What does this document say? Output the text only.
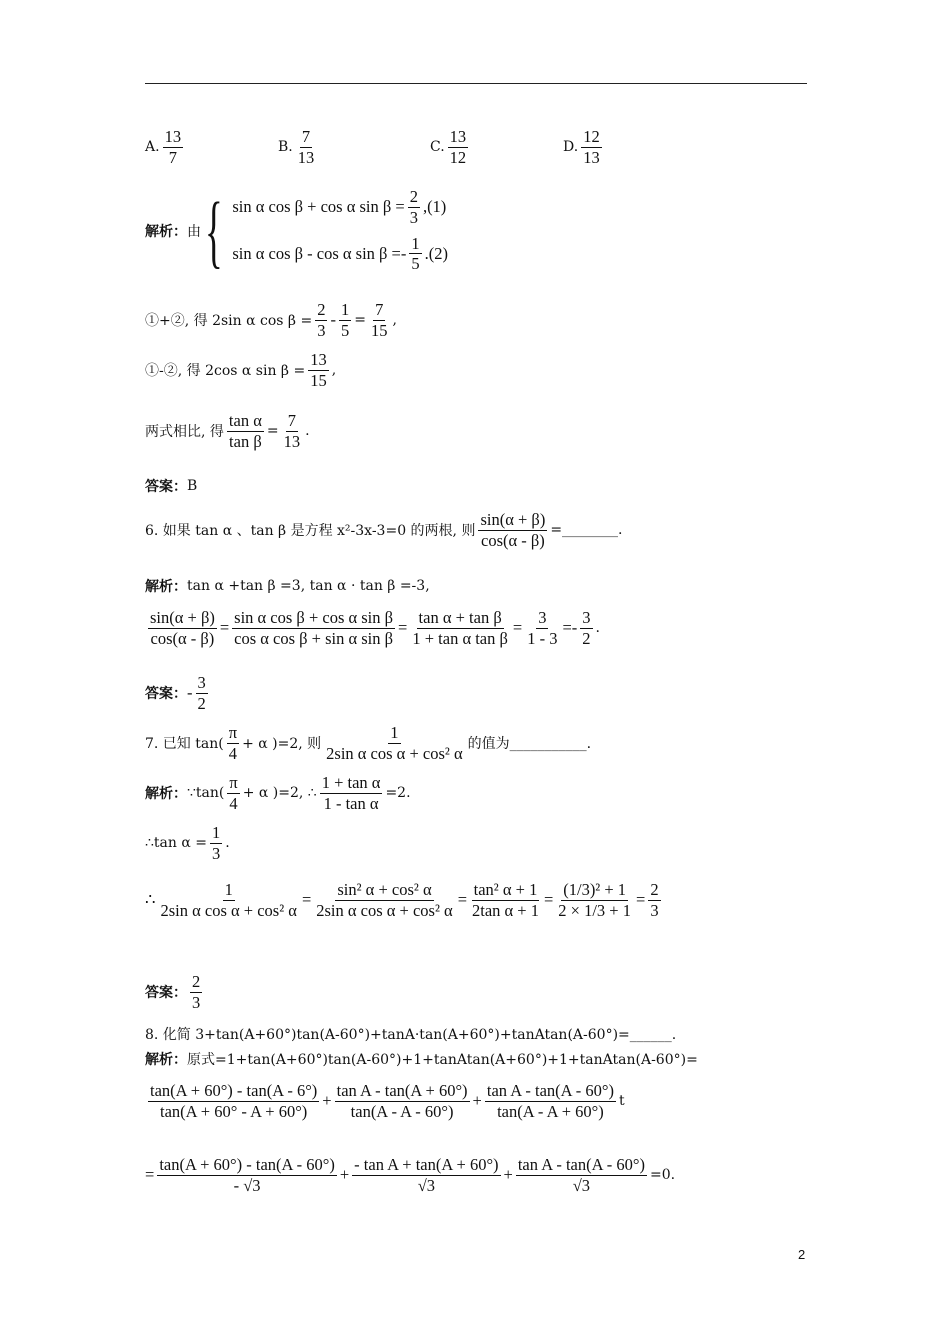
A. $\frac{13}{7}$	B. $\frac{7}{13}$	C. $\frac{13}{12}$	D. $\frac{12}{13}$
解析： 由 { sin α cos β + cos α $\sin \beta = \frac{2}{3} ,(1)$
sin α cos β - cos α $\sin \beta =- \frac{1}{5} .(2)$
①+②, 得 2sin α $\cos \beta = \frac{2}{3} - \frac{1}{5} = \frac{7}{15}$ ,
①-②, 得 2cos α $\sin \beta = \frac{13}{15}$ ,
两式相比, 得 $\frac{\text{tan α}}{\text{tan β}} = \frac{7}{13}$ .
答案： B
6. 如果 tan α 、tan β 是方程 x²-3x-3=0 的两根, 则 $\frac{\sin(\alpha + \beta)}{\cos(\alpha - \beta)}$ =________.
解析： tan α +tan β =3, tan α · tan β =-3,
$\frac{\sin(\alpha + \beta)}{\cos(\alpha - \beta)} = \frac{\text{sin α cos β + cos α sin β}}{\text{cos α cos β + sin α sin β}} = \frac{\text{tan α + tan β}}{\text{1 + tan α tan β}} = \frac{3}{1 - 3} =- \frac{3}{2}$ .
答案： - $\frac{3}{2}$
7. 已知 $\tan( \frac{\pi}{4} + \alpha$ )=2, 则 $\frac{1}{\text{2sin α cos α + cos² α}}$ 的值为___________.
解析： ∵tan( $\frac{\pi}{4} + \alpha$ )=2, ∴ $\frac{\text{1 + tan α}}{\text{1 - tan α}} =2$.
∴tan $\alpha = \frac{1}{3}$ .
∴ $\frac{1}{\text{2sin α cos α + cos² α}} = \frac{\text{sin² α + cos² α}}{\text{2sin α cos α + cos² α}} = \frac{\text{tan² α + 1}}{\text{2tan α + 1}} = \frac{\text{(1/3)² + 1}}{2 \times 1/3 + 1} = \frac{2}{3}$
答案： $\frac{2}{3}$
8. 化简 3+tan(A+60°)tan(A-60°)+tanA·tan(A+60°)+tanAtan(A-60°)=______.
解析：原式=1+tan(A+60°)tan(A-60°)+1+tanAtan(A+60°)+1+tanAtan(A-60°)=
$\frac{\tan(A + 60^\circ) - \tan(A - 6^\circ)}{\tan(A + 60^\circ - A + 60^\circ)} + \frac{\text{tan A - tan(A + 60°)}}{\tan(A - A - 60^\circ)} + \frac{\text{tan A - tan(A - 60°)}}{\tan(A - A + 60^\circ)}$ t
= $\frac{\tan(A + 60^\circ) - \tan(A - 60^\circ)}{- √3} + \frac{\text{- tan A + tan(A + 60°)}}{√3} + \frac{\text{tan A - tan(A - 60°)}}{√3} =0$.
2
